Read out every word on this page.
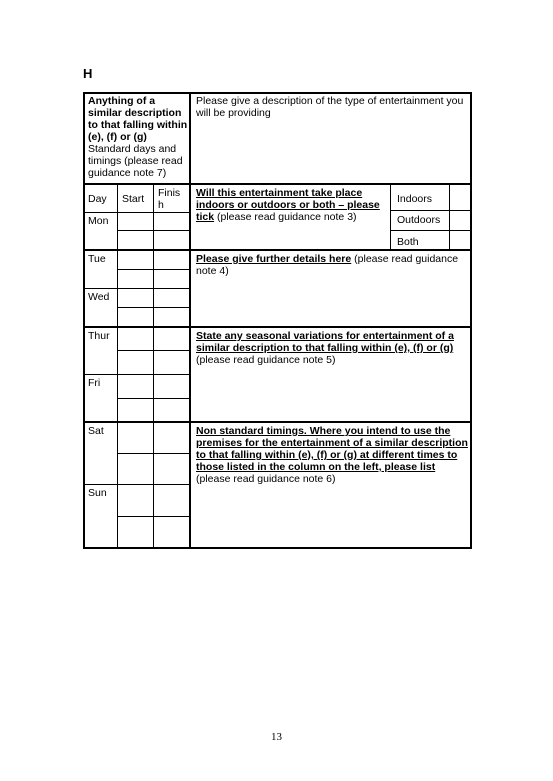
H
Anything of a similar description to that falling within (e), (f) or (g)
Standard days and timings (please read guidance note 7)
Please give a description of the type of entertainment you will be providing
Day Start Finis h
Mon
Tue
Wed
Thur
Fri
Sat
Sun
Will this entertainment take place indoors or outdoors or both – please tick (please read guidance note 3)
Indoors
Outdoors
Both
Please give further details here (please read guidance note 4)
State any seasonal variations for entertainment of a similar description to that falling within (e), (f) or (g)
(please read guidance note 5)
Non standard timings. Where you intend to use the premises for the entertainment of a similar description to that falling within (e), (f) or (g) at different times to those listed in the column on the left, please list (please read guidance note 6)
13
